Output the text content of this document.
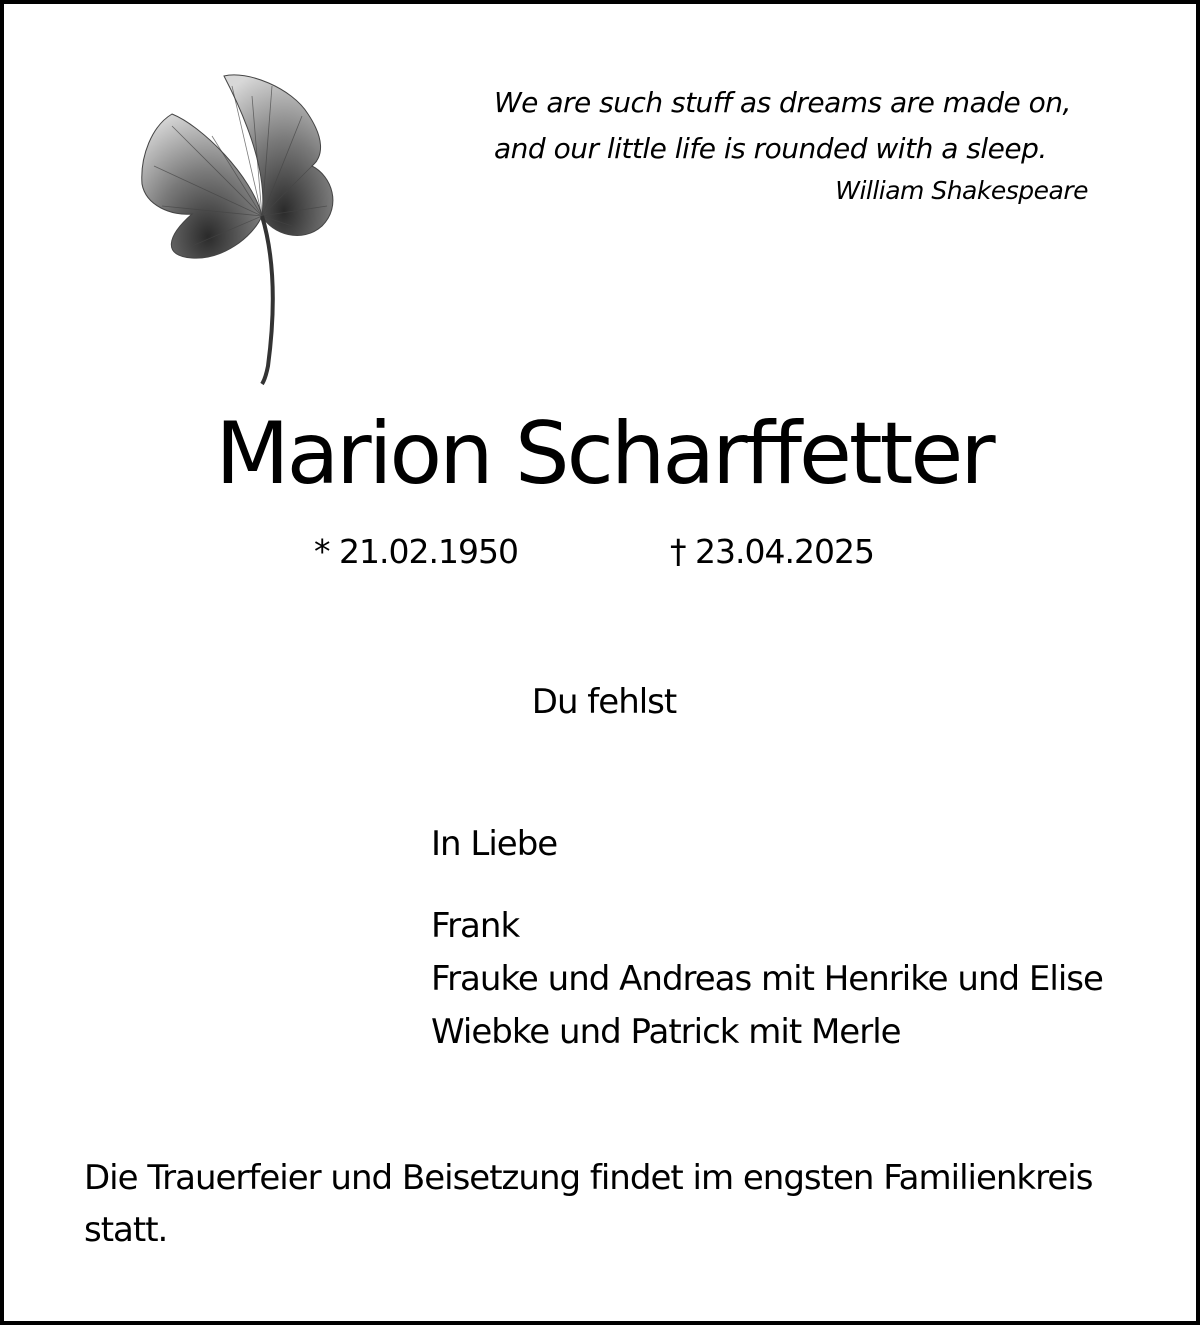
We are such stuff as dreams are made on,
and our little life is rounded with a sleep.
William Shakespeare
Marion Scharffetter
* 21.02.1950	† 23.04.2025
Du fehlst
In Liebe
Frank
Frauke und Andreas mit Henrike und Elise
Wiebke und Patrick mit Merle
Die Trauerfeier und Beisetzung findet im engsten Familienkreis statt.
